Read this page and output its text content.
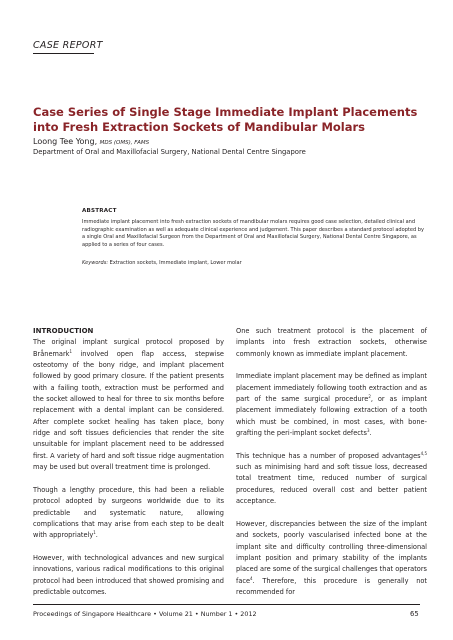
CASE REPORT
Case Series of Single Stage Immediate Implant Placements into Fresh Extraction Sockets of Mandibular Molars
Loong Tee Yong, MDS (OMS), FAMS
Department of Oral and Maxillofacial Surgery, National Dental Centre Singapore
ABSTRACT

Immediate implant placement into fresh extraction sockets of mandibular molars requires good case selection, detailed clinical and radiographic examination as well as adequate clinical experience and judgement. This paper describes a standard protocol adopted by a single Oral and Maxillofacial Surgeon from the Department of Oral and Maxillofacial Surgery, National Dental Centre Singapore, as applied to a series of four cases.

Keywords: Extraction sockets, Immediate implant, Lower molar
INTRODUCTION

The original implant surgical protocol proposed by Brånemark$^1$ involved open flap access, stepwise osteotomy of the bony ridge, and implant placement followed by good primary closure. If the patient presents with a failing tooth, extraction must be performed and the socket allowed to heal for three to six months before replacement with a dental implant can be considered. After complete socket healing has taken place, bony ridge and soft tissues deficiencies that render the site unsuitable for implant placement need to be addressed first. A variety of hard and soft tissue ridge augmentation may be used but overall treatment time is prolonged.

Though a lengthy procedure, this had been a reliable protocol adopted by surgeons worldwide due to its predictable and systematic nature, allowing complications that may arise from each step to be dealt with appropriately$^1$.

However, with technological advances and new surgical innovations, various radical modifications to this original protocol had been introduced that showed promising and predictable outcomes.

One such treatment protocol is the placement of implants into fresh extraction sockets, otherwise commonly known as immediate implant placement.

Immediate implant placement may be defined as implant placement immediately following tooth extraction and as part of the same surgical procedure$^2$, or as implant placement immediately following extraction of a tooth which must be combined, in most cases, with bone-grafting the peri-implant socket defects$^3$.

This technique has a number of proposed advantages$^{4,5}$ such as minimising hard and soft tissue loss, decreased total treatment time, reduced number of surgical procedures, reduced overall cost and better patient acceptance.

However, discrepancies between the size of the implant and sockets, poorly vascularised infected bone at the implant site and difficulty controlling three-dimensional implant position and primary stability of the implants placed are some of the surgical challenges that operators face$^4$. Therefore, this procedure is generally not recommended for

Proceedings of Singapore Healthcare • Volume 21 • Number 1 • 2012	65
